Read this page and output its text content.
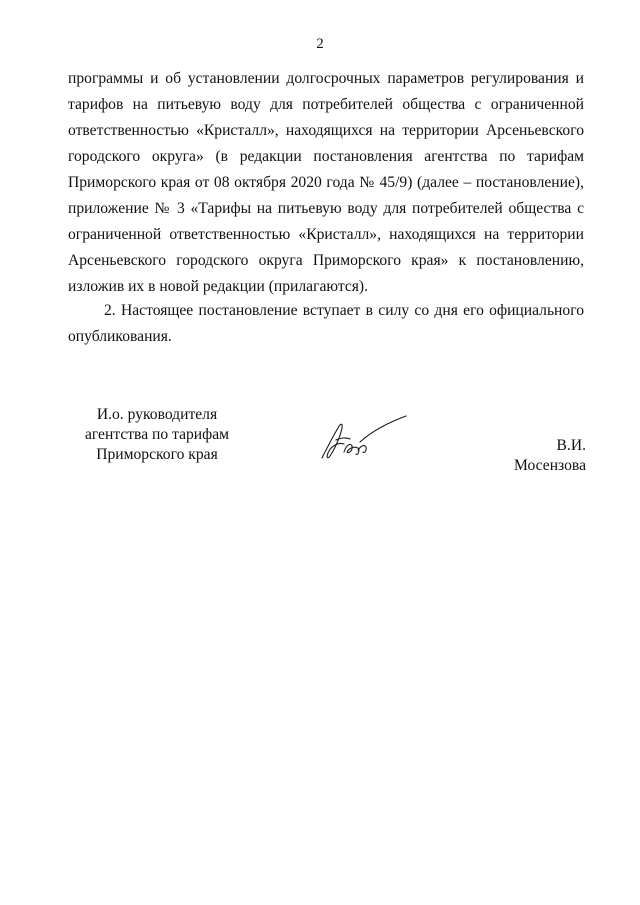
2
программы и об установлении долгосрочных параметров регулирования и
тарифов на питьевую воду для потребителей общества с ограниченной
ответственностью «Кристалл», находящихся на территории Арсеньевского
городского округа» (в редакции постановления агентства по тарифам
Приморского края от 08 октября 2020 года № 45/9) (далее – постановление),
приложение № 3 «Тарифы на питьевую воду для потребителей общества с
ограниченной ответственностью «Кристалл», находящихся на территории
Арсеньевского городского округа Приморского края» к постановлению,
изложив их в новой редакции (прилагаются).
2. Настоящее постановление вступает в силу со дня его официального
опубликования.
И.о. руководителя
агентства по тарифам
Приморского края
В.И. Мосензова
